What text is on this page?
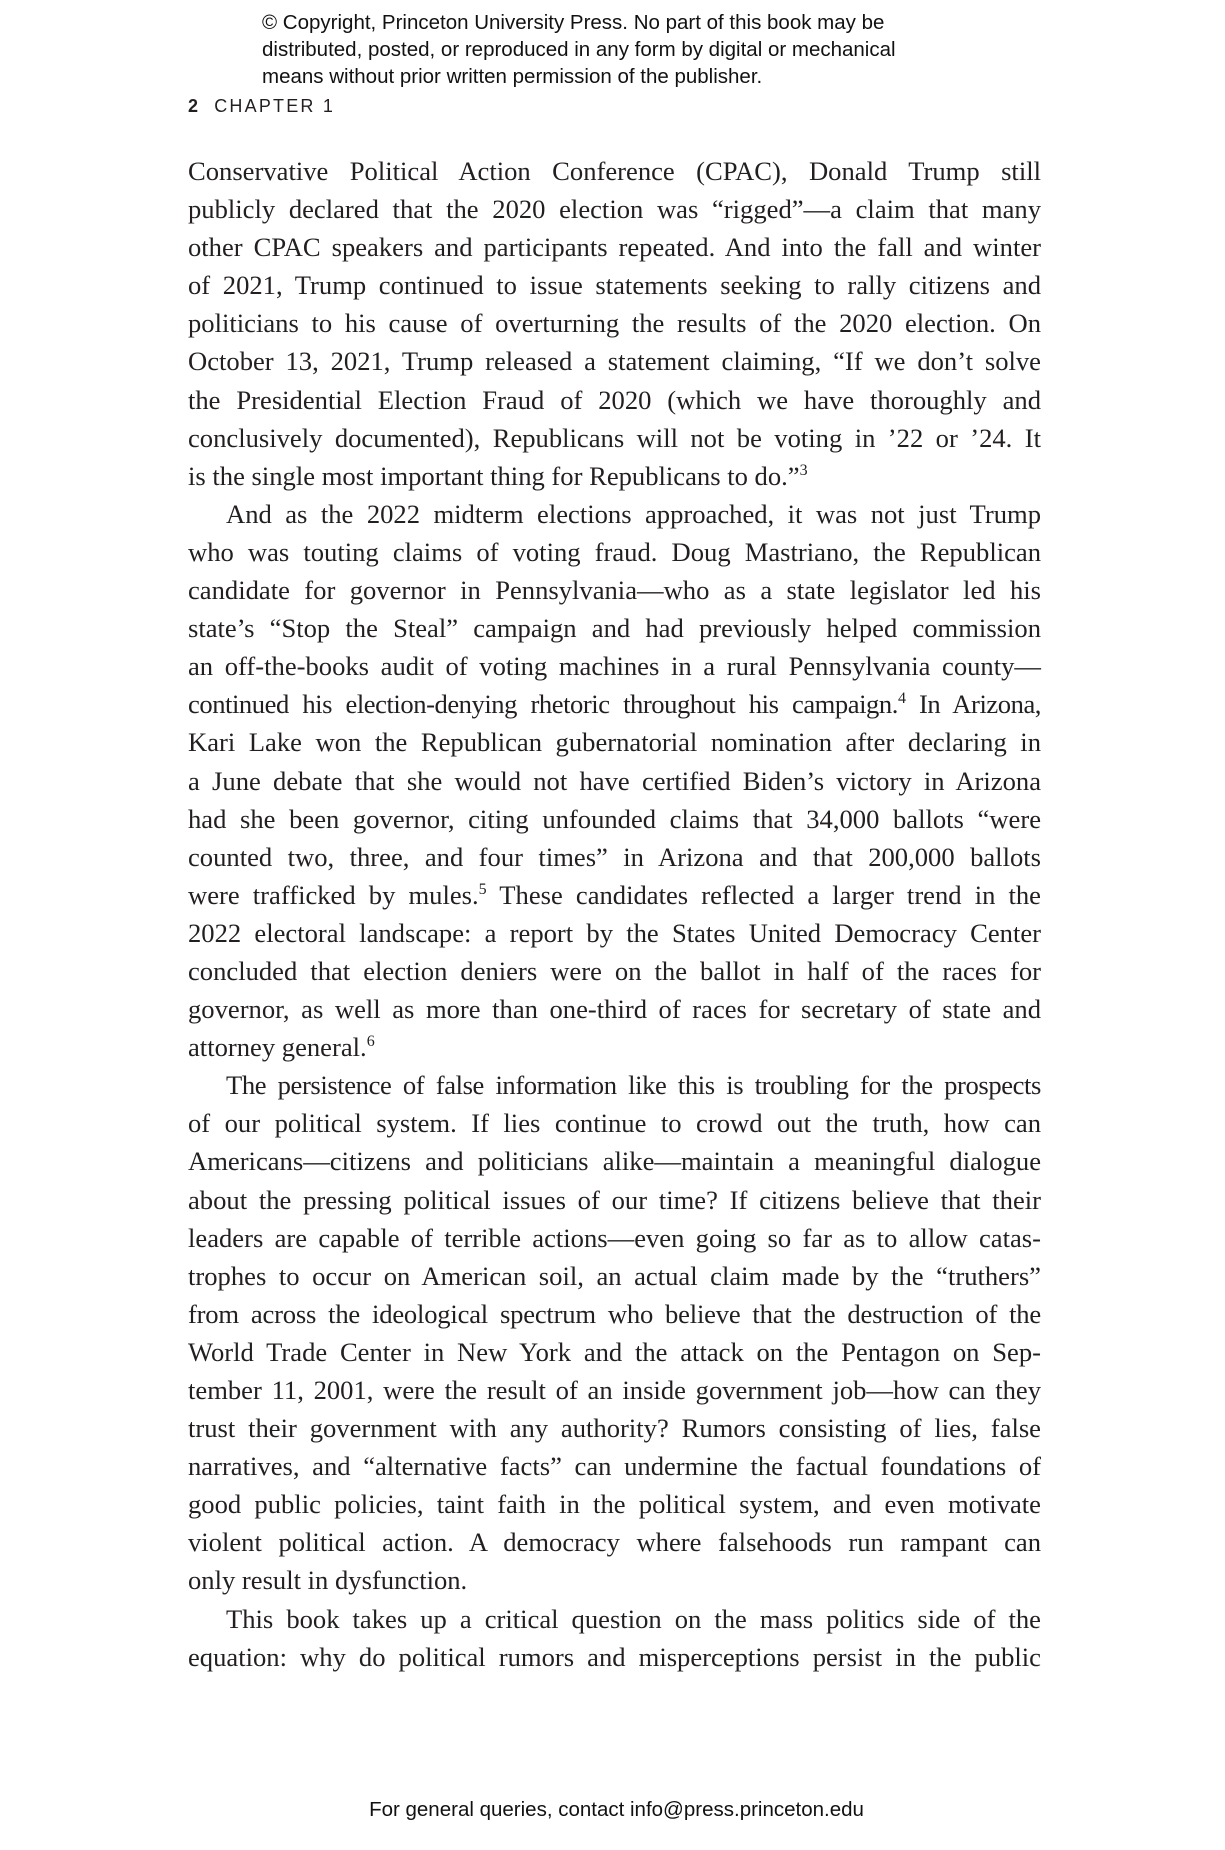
© Copyright, Princeton University Press. No part of this book may be
distributed, posted, or reproduced in any form by digital or mechanical
means without prior written permission of the publisher.
2 CHAPTER 1
Conservative Political Action Conference (CPAC), Donald Trump still
publicly declared that the 2020 election was “rigged”—a claim that many
other CPAC speakers and participants repeated. And into the fall and winter
of 2021, Trump continued to issue statements seeking to rally citizens and
politicians to his cause of overturning the results of the 2020 election. On
October 13, 2021, Trump released a statement claiming, “If we don’t solve
the Presidential Election Fraud of 2020 (which we have thoroughly and
conclusively documented), Republicans will not be voting in ’22 or ’24. It
is the single most important thing for Republicans to do.”$^3$
And as the 2022 midterm elections approached, it was not just Trump
who was touting claims of voting fraud. Doug Mastriano, the Republican
candidate for governor in Pennsylvania—who as a state legislator led his
state’s “Stop the Steal” campaign and had previously helped commission
an off-the-books audit of voting machines in a rural Pennsylvania county—
continued his election-denying rhetoric throughout his campaign.$^4$ In Arizona,
Kari Lake won the Republican gubernatorial nomination after declaring in
a June debate that she would not have certified Biden’s victory in Arizona
had she been governor, citing unfounded claims that 34,000 ballots “were
counted two, three, and four times” in Arizona and that 200,000 ballots
were trafficked by mules.$^5$ These candidates reflected a larger trend in the
2022 electoral landscape: a report by the States United Democracy Center
concluded that election deniers were on the ballot in half of the races for
governor, as well as more than one-third of races for secretary of state and
attorney general.$^6$
The persistence of false information like this is troubling for the prospects
of our political system. If lies continue to crowd out the truth, how can
Americans—citizens and politicians alike—maintain a meaningful dialogue
about the pressing political issues of our time? If citizens believe that their
leaders are capable of terrible actions—even going so far as to allow catas-
trophes to occur on American soil, an actual claim made by the “truthers”
from across the ideological spectrum who believe that the destruction of the
World Trade Center in New York and the attack on the Pentagon on Sep-
tember 11, 2001, were the result of an inside government job—how can they
trust their government with any authority? Rumors consisting of lies, false
narratives, and “alternative facts” can undermine the factual foundations of
good public policies, taint faith in the political system, and even motivate
violent political action. A democracy where falsehoods run rampant can
only result in dysfunction.
This book takes up a critical question on the mass politics side of the
equation: why do political rumors and misperceptions persist in the public
For general queries, contact info@press.princeton.edu
